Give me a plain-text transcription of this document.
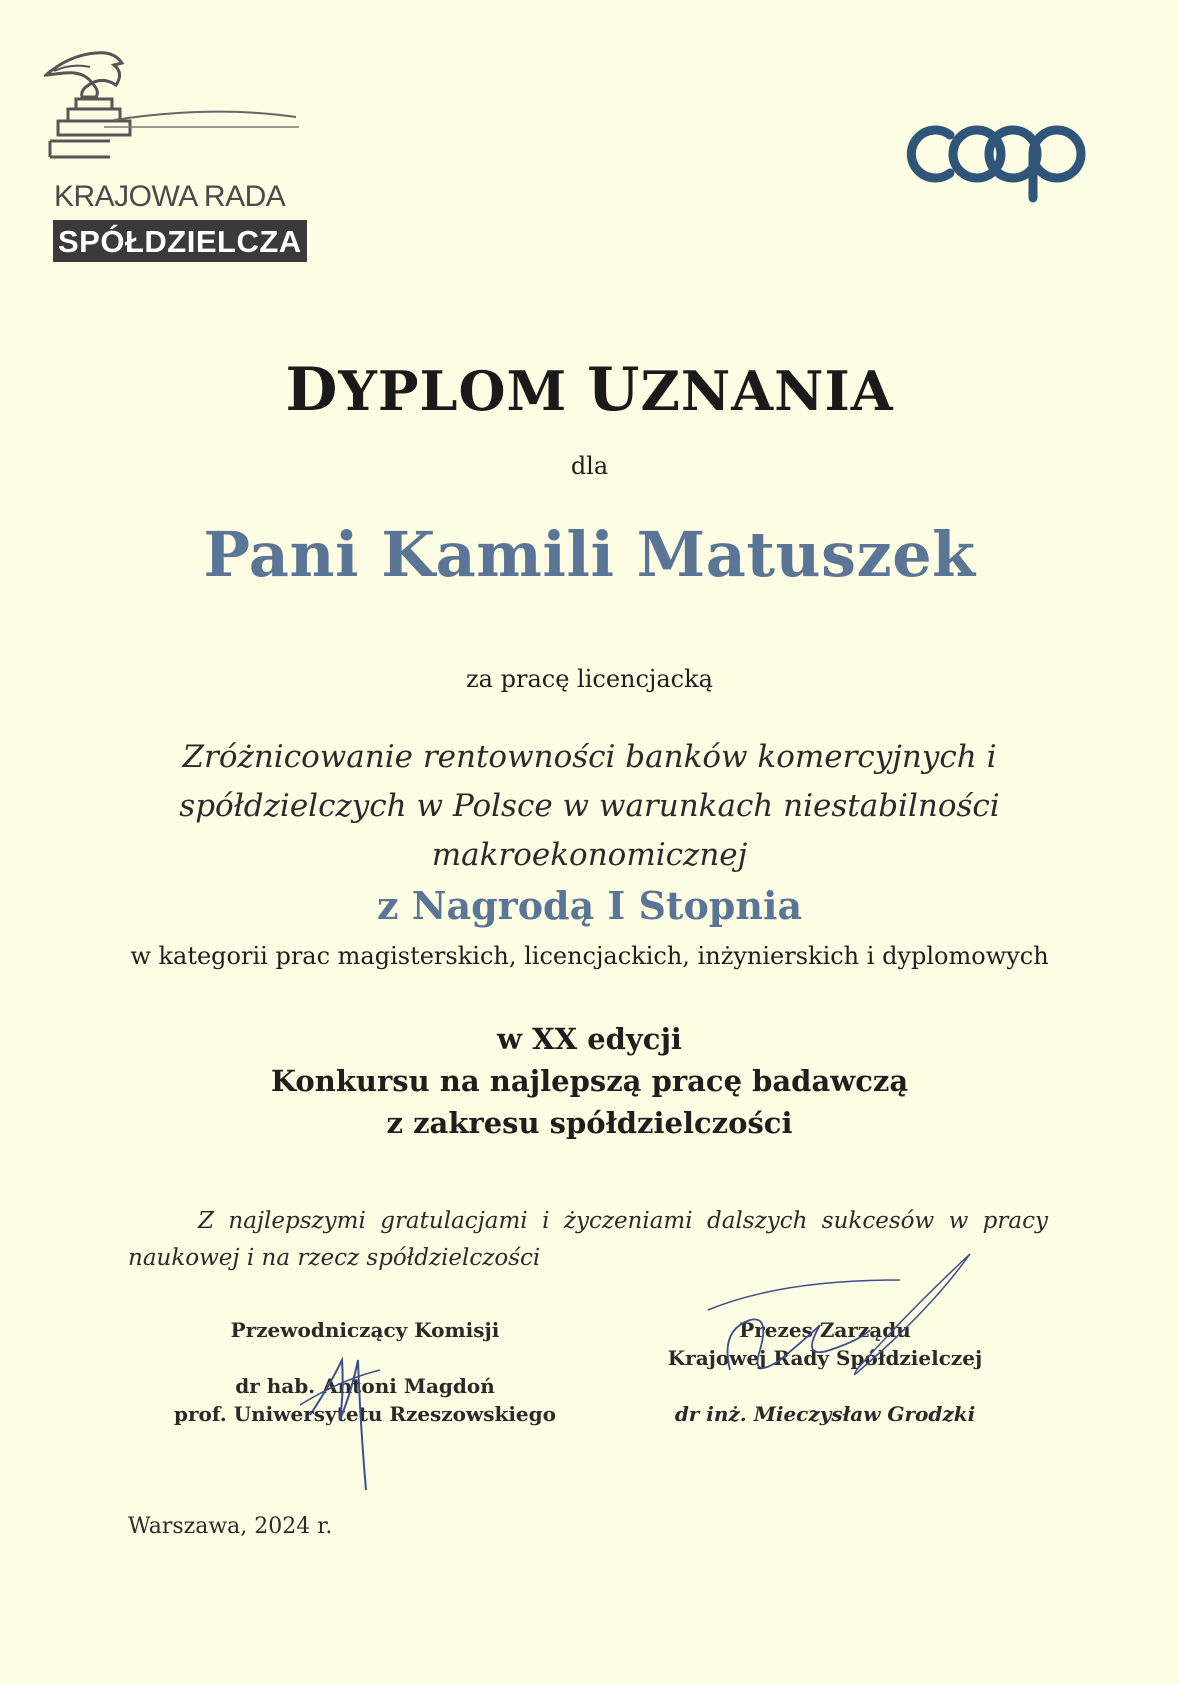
KRAJOWA RADA
SPÓŁDZIELCZA
DYPLOM UZNANIA
dla
Pani Kamili Matuszek
za pracę licencjacką
Zróżnicowanie rentowności banków komercyjnych i
spółdzielczych w Polsce w warunkach niestabilności
makroekonomicznej
z Nagrodą I Stopnia
w kategorii prac magisterskich, licencjackich, inżynierskich i dyplomowych
w XX edycji
Konkursu na najlepszą pracę badawczą
z zakresu spółdzielczości
Z najlepszymi gratulacjami i życzeniami dalszych sukcesów w pracy
naukowej i na rzecz spółdzielczości
Przewodniczący Komisji
dr hab. Antoni Magdoń
prof. Uniwersytetu Rzeszowskiego
Prezes Zarządu
Krajowej Rady Spółdzielczej
dr inż. Mieczysław Grodzki
Warszawa, 2024 r.
